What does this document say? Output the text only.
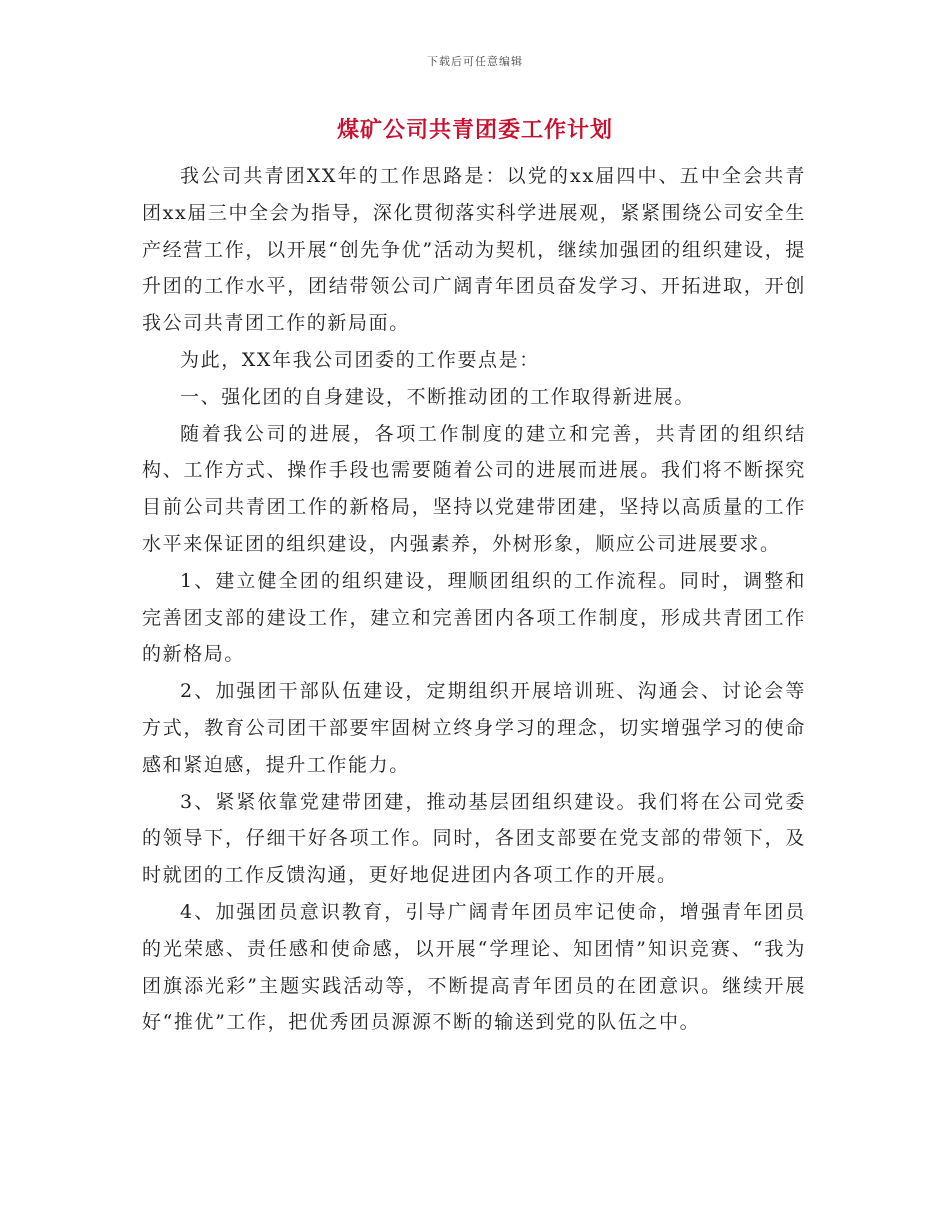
下载后可任意编辑
煤矿公司共青团委工作计划

我公司共青团XX年的工作思路是：以党的xx届四中、五中全会共青团xx届三中全会为指导，深化贯彻落实科学进展观，紧紧围绕公司安全生产经营工作，以开展“创先争优”活动为契机，继续加强团的组织建设，提升团的工作水平，团结带领公司广阔青年团员奋发学习、开拓进取，开创我公司共青团工作的新局面。

为此，XX年我公司团委的工作要点是：

一、强化团的自身建设，不断推动团的工作取得新进展。

随着我公司的进展，各项工作制度的建立和完善，共青团的组织结构、工作方式、操作手段也需要随着公司的进展而进展。我们将不断探究目前公司共青团工作的新格局，坚持以党建带团建，坚持以高质量的工作水平来保证团的组织建设，内强素养，外树形象，顺应公司进展要求。

1、建立健全团的组织建设，理顺团组织的工作流程。同时，调整和完善团支部的建设工作，建立和完善团内各项工作制度，形成共青团工作的新格局。

2、加强团干部队伍建设，定期组织开展培训班、沟通会、讨论会等方式，教育公司团干部要牢固树立终身学习的理念，切实增强学习的使命感和紧迫感，提升工作能力。

3、紧紧依靠党建带团建，推动基层团组织建设。我们将在公司党委的领导下，仔细干好各项工作。同时，各团支部要在党支部的带领下，及时就团的工作反馈沟通，更好地促进团内各项工作的开展。

4、加强团员意识教育，引导广阔青年团员牢记使命，增强青年团员的光荣感、责任感和使命感，以开展“学理论、知团情”知识竞赛、“我为团旗添光彩”主题实践活动等，不断提高青年团员的在团意识。继续开展好“推优”工作，把优秀团员源源不断的输送到党的队伍之中。
